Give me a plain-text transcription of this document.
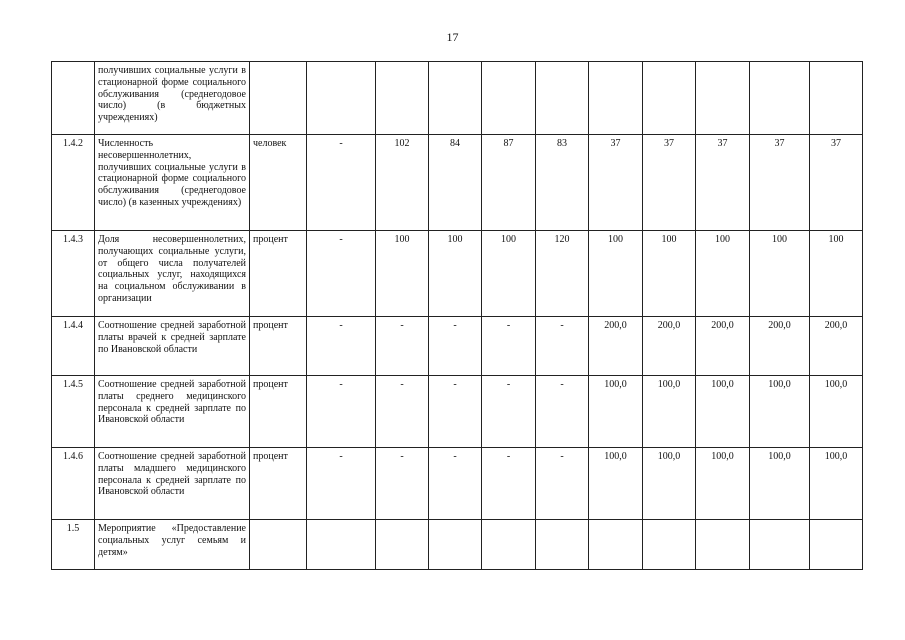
17
	получивших социальные услуги в стационарной форме социального обслуживания (среднегодовое число) (в бюджетных учреждениях)											
1.4.2	Численность несовершеннолетних, получивших социальные услуги в стационарной форме социального обслуживания (среднегодовое число) (в казенных учреждениях)	человек	-	102	84	87	83	37	37	37	37	37
1.4.3	Доля несовершеннолетних, получающих социальные услуги, от общего числа получателей социальных услуг, находящихся на социальном обслуживании в организации	процент	-	100	100	100	120	100	100	100	100	100
1.4.4	Соотношение средней заработной платы врачей к средней зарплате по Ивановской области	процент	-	-	-	-	-	200,0	200,0	200,0	200,0	200,0
1.4.5	Соотношение средней заработной платы среднего медицинского персонала к средней зарплате по Ивановской области	процент	-	-	-	-	-	100,0	100,0	100,0	100,0	100,0
1.4.6	Соотношение средней заработной платы младшего медицинского персонала к средней зарплате по Ивановской области	процент	-	-	-	-	-	100,0	100,0	100,0	100,0	100,0
1.5	Мероприятие «Предоставление социальных услуг семьям и детям»											
